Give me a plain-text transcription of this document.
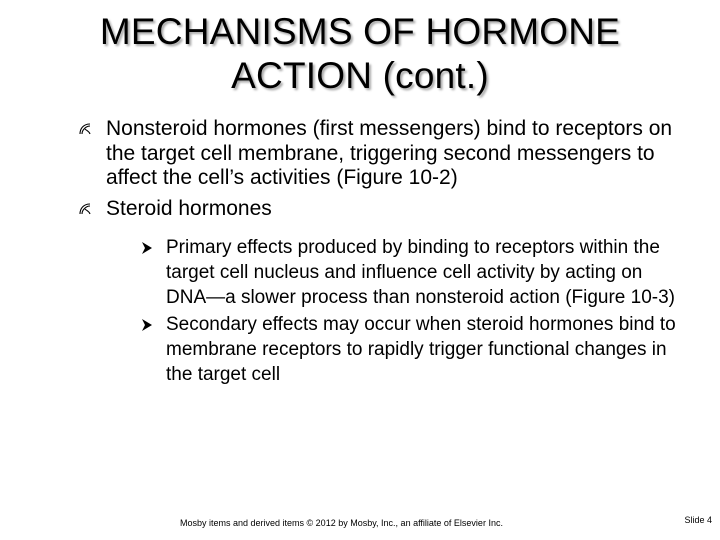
MECHANISMS OF HORMONE
ACTION (cont.)
Nonsteroid hormones (first messengers) bind to receptors on the target cell membrane, triggering second messengers to affect the cell’s activities (Figure 10-2)
Steroid hormones
Primary effects produced by binding to receptors within the target cell nucleus and influence cell activity by acting on DNA—a slower process than nonsteroid action (Figure 10-3)
Secondary effects may occur when steroid hormones bind to membrane receptors to rapidly trigger functional changes in the target cell
Mosby items and derived items © 2012 by Mosby, Inc., an affiliate of Elsevier Inc.	Slide 4
